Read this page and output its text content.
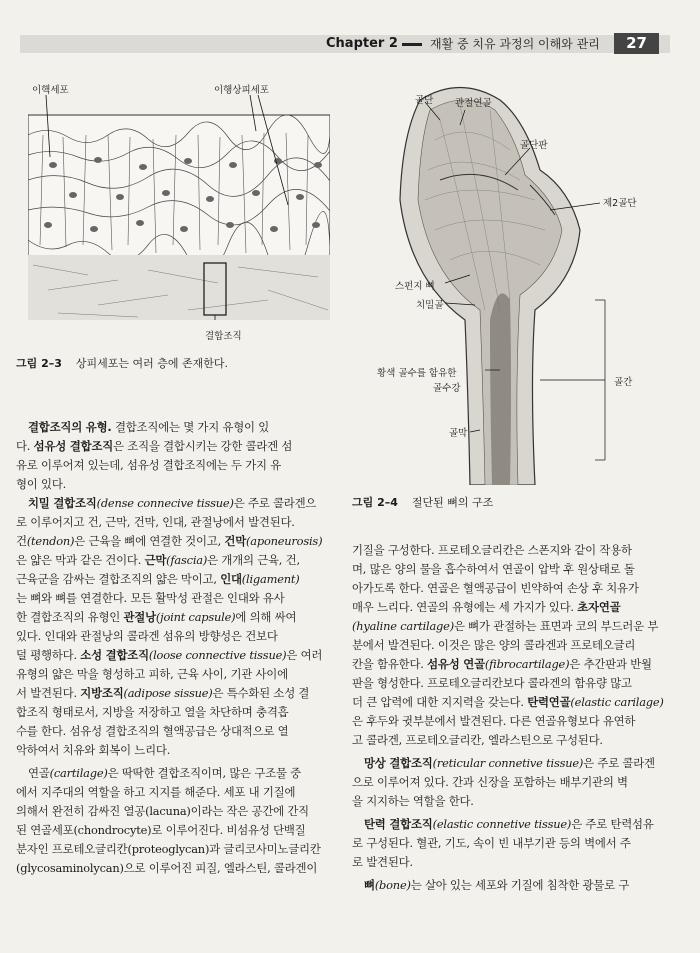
Chapter 2	재활 중 치유 과정의 이해와 관리	27
이핵세포	이행상피세포
결합조직
그림 2–3 상피세포는 여러 층에 존재한다.
골단 관절연골
골단판
제2골단
스펀지 뼈
치밀골
황색 골수를 함유한
골수강
골간
골막
그림 2–4 절단된 뼈의 구조
결합조직의 유형. 결합조직에는 몇 가지 유형이 있
다. 섬유성 결합조직은 조직을 결합시키는 강한 콜라겐 섬
유로 이루어져 있는데, 섬유성 결합조직에는 두 가지 유
형이 있다.
치밀 결합조직(dense connecive tissue)은 주로 콜라겐으
로 이루어지고 건, 근막, 건막, 인대, 관절낭에서 발견된다.
건(tendon)은 근육을 뼈에 연결한 것이고, 건막(aponeurosis)
은 얇은 막과 같은 건이다. 근막(fascia)은 개개의 근육, 건,
근육군을 감싸는 결합조직의 얇은 막이고, 인대(ligament)
는 뼈와 뼈를 연결한다. 모든 활막성 관절은 인대와 유사
한 결합조직의 유형인 관절낭(joint capsule)에 의해 싸여
있다. 인대와 관절낭의 콜라겐 섬유의 방향성은 건보다
덜 평행하다. 소성 결합조직(loose connective tissue)은 여러
유형의 얇은 막을 형성하고 피하, 근육 사이, 기관 사이에
서 발견된다. 지방조직(adipose sissue)은 특수화된 소성 결
합조직 형태로서, 지방을 저장하고 열을 차단하며 충격흡
수를 한다. 섬유성 결합조직의 혈액공급은 상대적으로 열
악하여서 치유와 회복이 느리다.
연골(cartilage)은 딱딱한 결합조직이며, 많은 구조물 중
에서 지주대의 역할을 하고 지지를 해준다. 세포 내 기질에
의해서 완전히 감싸진 열공(lacuna)이라는 작은 공간에 간직
된 연골세포(chondrocyte)로 이루어진다. 비섬유성 단백질
분자인 프로테오글리칸(proteoglycan)과 글리코사미노글리칸
(glycosaminolycan)으로 이루어진 피질, 엘라스틴, 콜라겐이
기질을 구성한다. 프로테오글리칸은 스폰지와 같이 작용하
며, 많은 양의 물을 흡수하여서 연골이 압박 후 원상태로 돌
아가도록 한다. 연골은 혈액공급이 빈약하여 손상 후 치유가
매우 느리다. 연골의 유형에는 세 가지가 있다. 초자연골
(hyaline cartilage)은 뼈가 관절하는 표면과 코의 부드러운 부
분에서 발견된다. 이것은 많은 양의 콜라겐과 프로테오글리
칸을 함유한다. 섬유성 연골(fibrocartilage)은 추간판과 반월
판을 형성한다. 프로테오글리칸보다 콜라겐의 함유량 많고
더 큰 압력에 대한 지지력을 갖는다. 탄력연골(elastic carilage)
은 후두와 귓부분에서 발견된다. 다른 연골유형보다 유연하
고 콜라겐, 프로테오글리칸, 엘라스틴으로 구성된다.
망상 결합조직(reticular connetive tissue)은 주로 콜라겐
으로 이루어져 있다. 간과 신장을 포함하는 배부기관의 벽
을 지지하는 역할을 한다.
탄력 결합조직(elastic connetive tissue)은 주로 탄력섬유
로 구성된다. 혈관, 기도, 속이 빈 내부기관 등의 벽에서 주
로 발견된다.
뼈(bone)는 살아 있는 세포와 기질에 침착한 광물로 구
